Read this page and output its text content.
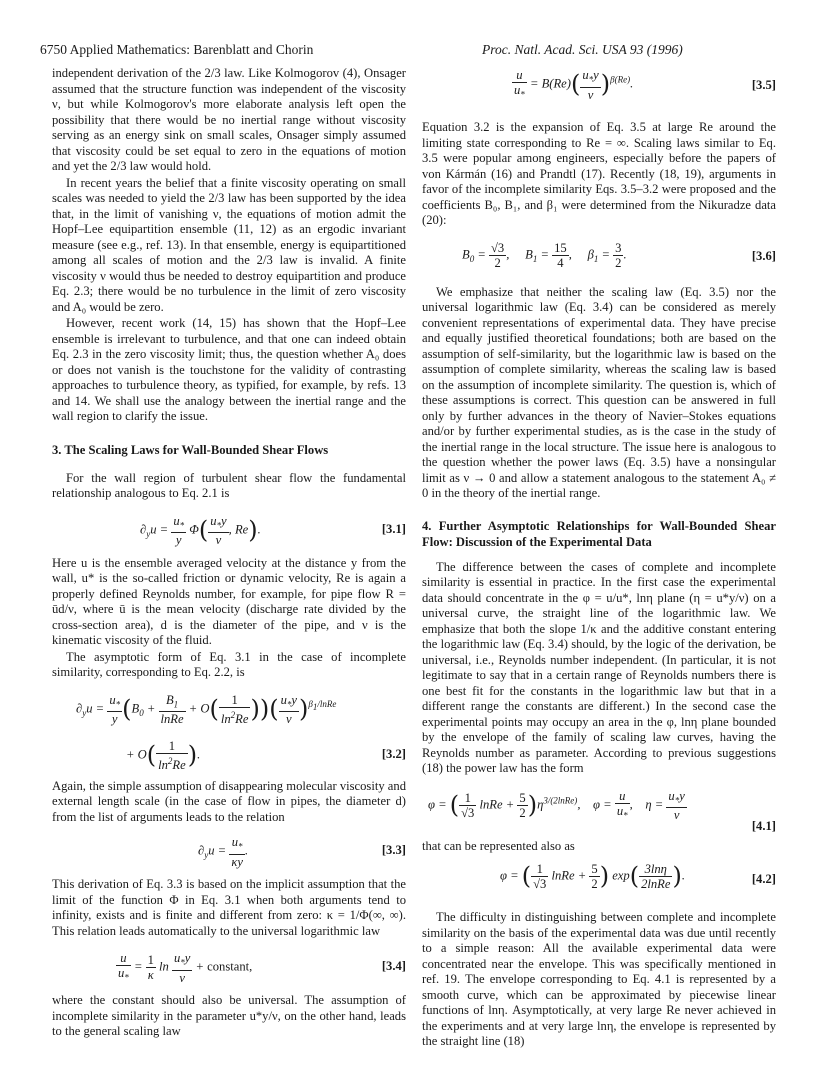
6750 Applied Mathematics: Barenblatt and Chorin	Proc. Natl. Acad. Sci. USA 93 (1996)

independent derivation of the 2/3 law. Like Kolmogorov (4), Onsager assumed that the structure function was independent of the viscosity ν, but while Kolmogorov's more elaborate analysis left open the possibility that there would be no inertial range without viscosity serving as an energy sink on small scales, Onsager simply assumed that viscosity could be set equal to zero in the equations of motion and yet the 2/3 law would hold.

In recent years the belief that a finite viscosity operating on small scales was needed to yield the 2/3 law has been supported by the idea that, in the limit of vanishing ν, the equations of motion admit the Hopf–Lee equipartition ensemble (11, 12) as an ergodic invariant measure (see e.g., ref. 13). In that ensemble, energy is equipartitioned among all scales of motion and the 2/3 law is invalid. A finite viscosity ν would thus be needed to destroy equipartition and produce Eq. 2.3; there would be no turbulence in the limit of zero viscosity and A₀ would be zero.

However, recent work (14, 15) has shown that the Hopf–Lee ensemble is irrelevant to turbulence, and that one can indeed obtain Eq. 2.3 in the zero viscosity limit; thus, the question whether A₀ does or does not vanish is the touchstone for the validity of contrasting approaches to turbulence theory, as typified, for example, by refs. 13 and 14. We shall use the analogy between the inertial range and the wall region to clarify the issue.

3. The Scaling Laws for Wall-Bounded Shear Flows

For the wall region of turbulent shear flow the fundamental relationship analogous to Eq. 2.1 is

$\partial_yu = \frac{u_*}{y} \Phi( \frac{u_*y}{\nu}$ , Re).	[3.1]

Here u is the ensemble averaged velocity at the distance y from the wall, u* is the so-called friction or dynamic velocity, Re is again a properly defined Reynolds number, for example, for pipe flow R = ūd/ν, where ū is the mean velocity (discharge rate divided by the cross-section area), d is the diameter of the pipe, and ν is the kinematic viscosity of the fluid.

The asymptotic form of Eq. 3.1 in the case of incomplete similarity, corresponding to Eq. 2.2, is

$\partial_yu = \frac{u_*}{y} (B_0 + \frac{B_1}{\text{lnRe}} + O( \frac{1}{\ln^2Re}$ ))( $\frac{u_*y}{\nu} )^{\beta_1/lnRe}$
+ $O( \frac{1}{\ln^2Re}$ ).	[3.2]

Again, the simple assumption of disappearing molecular viscosity and external length scale (in the case of flow in pipes, the diameter d) from the list of arguments leads to the relation

$\partial_yu = \frac{u_*}{\kappa y}$ .	[3.3]

This derivation of Eq. 3.3 is based on the implicit assumption that the limit of the function Φ in Eq. 3.1 when both arguments tend to infinity, exists and is finite and different from zero: κ = 1/Φ(∞, ∞). This relation leads automatically to the universal logarithmic law

$\frac{u}{u_*} = \frac{1}{\kappa}$ $\ln \frac{u_*y}{\nu}$ + constant,	[3.4]

where the constant should also be universal. The assumption of incomplete similarity in the parameter u*y/ν, on the other hand, leads to the general scaling law

$\frac{u}{u_*} = B(Re)( \frac{u_*y}{\nu} )^{\beta(Re)}$.	[3.5]

Equation 3.2 is the expansion of Eq. 3.5 at large Re around the limiting state corresponding to Re = ∞. Scaling laws similar to Eq. 3.5 were popular among engineers, especially before the papers of von Kármán (16) and Prandtl (17). Recently (18, 19), arguments in favor of the incomplete similarity Eqs. 3.5–3.2 were proposed and the coefficients B₀, B₁, and β₁ were determined from the Nikuradze data (20):

$B_0 = \frac{√3}{2}$ ,     $B_1 = \frac{15}{4}$ ,     $\beta_1 = \frac{3}{2}$ .	[3.6]

We emphasize that neither the scaling law (Eq. 3.5) nor the universal logarithmic law (Eq. 3.4) can be considered as merely convenient representations of experimental data. They have precise and equally justified theoretical foundations; both are based on the assumption of self-similarity, but the logarithmic law is based on the assumption of complete similarity, whereas the scaling law is based on the assumption of incomplete similarity. The question is, which of these assumptions is correct. This question can be answered in full only by further advances in the theory of Navier–Stokes equations and/or by further experimental studies, as is the case in the study of the inertial range in the local structure. The issue here is analogous to the question whether the power laws (Eq. 3.5) have a nonsingular limit as ν → 0 and allow a statement analogous to the statement A₀ ≠ 0 in the theory of the inertial range.

4. Further Asymptotic Relationships for Wall-Bounded Shear Flow: Discussion of the Experimental Data

The difference between the cases of complete and incomplete similarity is essential in practice. In the first case the experimental data should concentrate in the φ = u/u*, lnη plane (η = u*y/ν) on a universal curve, the straight line of the logarithmic law. We emphasize that both the slope 1/κ and the additive constant entering the logarithmic law (Eq. 3.4) should, by the logic of the derivation, be universal, i.e., Reynolds number independent. (In particular, it is not legitimate to say that in a certain range of Reynolds numbers there is one best fit for the constants in the logarithmic law but that in a different range the constants are different.) In the second case the experimental points may occupy an area in the φ, lnη plane bounded by the envelope of the family of scaling law curves, having the Reynolds number as parameter. According to previous suggestions (18) the power law has the form

φ = ( $\frac{1}{√3}$ lnRe + $\frac{5}{2} )\eta^{3/(2lnRe)}$,    $\varphi = \frac{u}{u_*}$ ,    $\eta = \frac{u_*y}{\nu}$
[4.1]

that can be represented also as

φ = ( $\frac{1}{√3}$ lnRe + $\frac{5}{2}$ ) $\exp( \frac{3\ln\eta}{\text{2lnRe}}$ ).	[4.2]

The difficulty in distinguishing between complete and incomplete similarity on the basis of the experimental data was due until recently to a simple reason: All the available experimental data were concentrated near the envelope. This was specifically mentioned in ref. 19. The envelope corresponding to Eq. 4.1 is represented by a smooth curve, which can be approximated by piecewise linear functions of lnη. Asymptotically, at very large Re never achieved in the experiments and at very large lnη, the envelope is represented by the straight line (18)
